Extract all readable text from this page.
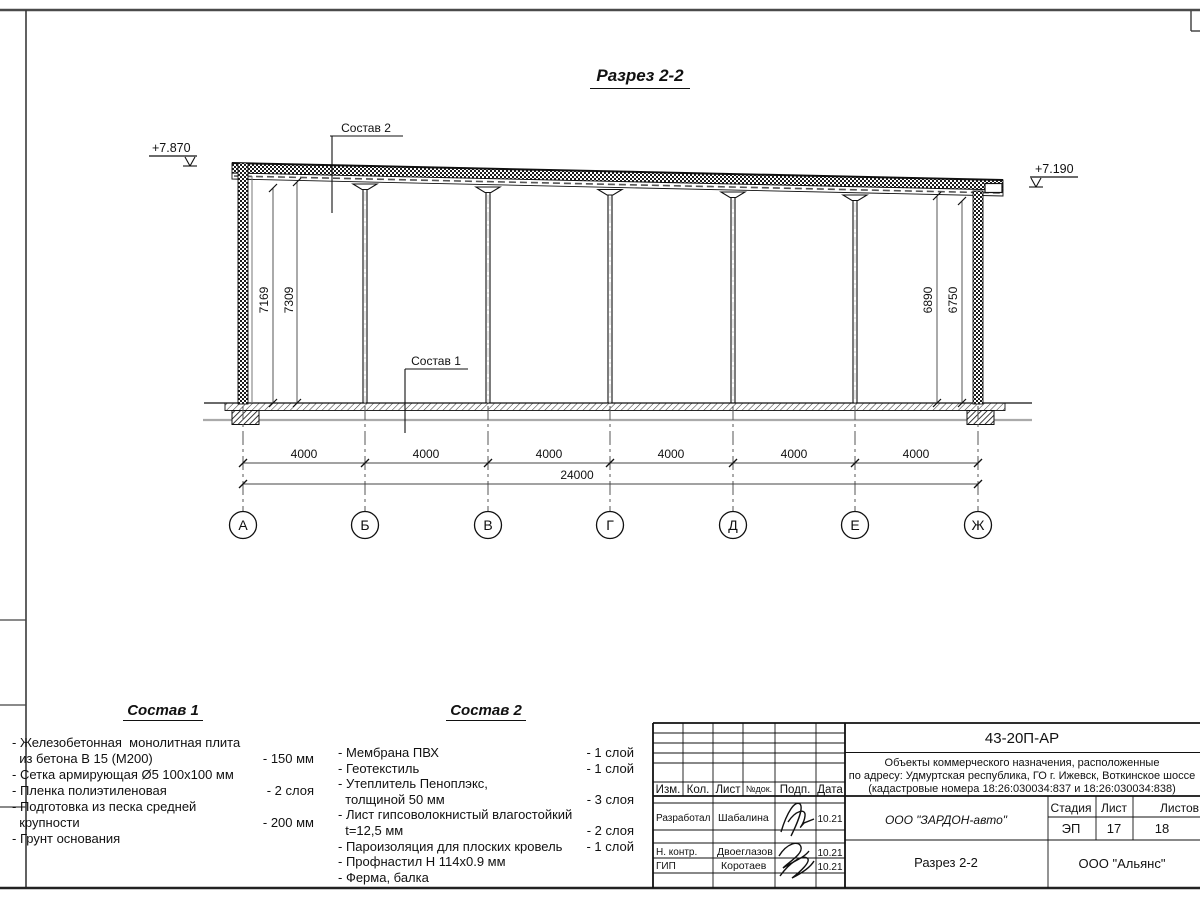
+7.870
+7.190
Состав 2
Состав 1
7169 7309	6890 6750
4000	4000	4000	4000	4000	4000
24000
А	Б	В	Г	Д	Е	Ж
43-20П-АР
Объекты коммерческого назначения, расположенные
по адресу: Удмуртская республика, ГО г. Ижевск, Воткинское шоссе
(кадастровые номера 18:26:030034:837 и 18:26:030034:838)
Изм. Кол. Лист №док. Подп. Дата
Разработал Шабалина	10.21
Н. контр. Двоеглазов	10.21
ГИП	Коротаев	10.21
ООО "ЗАРДОН-авто"
Стадия Лист	Листов
ЭП 17	18
Разрез 2-2	ООО "Альянс"
Разрез 2-2
Состав 1
- Железобетонная  монолитная плита
из бетона В 15 (М200)	- 150 мм
- Сетка армирующая Ø5 100х100 мм
- Пленка полиэтиленовая	- 2 слоя
- Подготовка из песка средней
крупности	- 200 мм
- Грунт основания
Состав 2
- Мембрана ПВХ	- 1 слой
- Геотекстиль	- 1 слой
- Утеплитель Пеноплэкс,
толщиной 50 мм	- 3 слоя
- Лист гипсоволокнистый влагостойкий
t=12,5 мм	- 2 слоя
- Пароизоляция для плоских кровель - 1 слой
- Профнастил Н 114х0.9 мм
- Ферма, балка
